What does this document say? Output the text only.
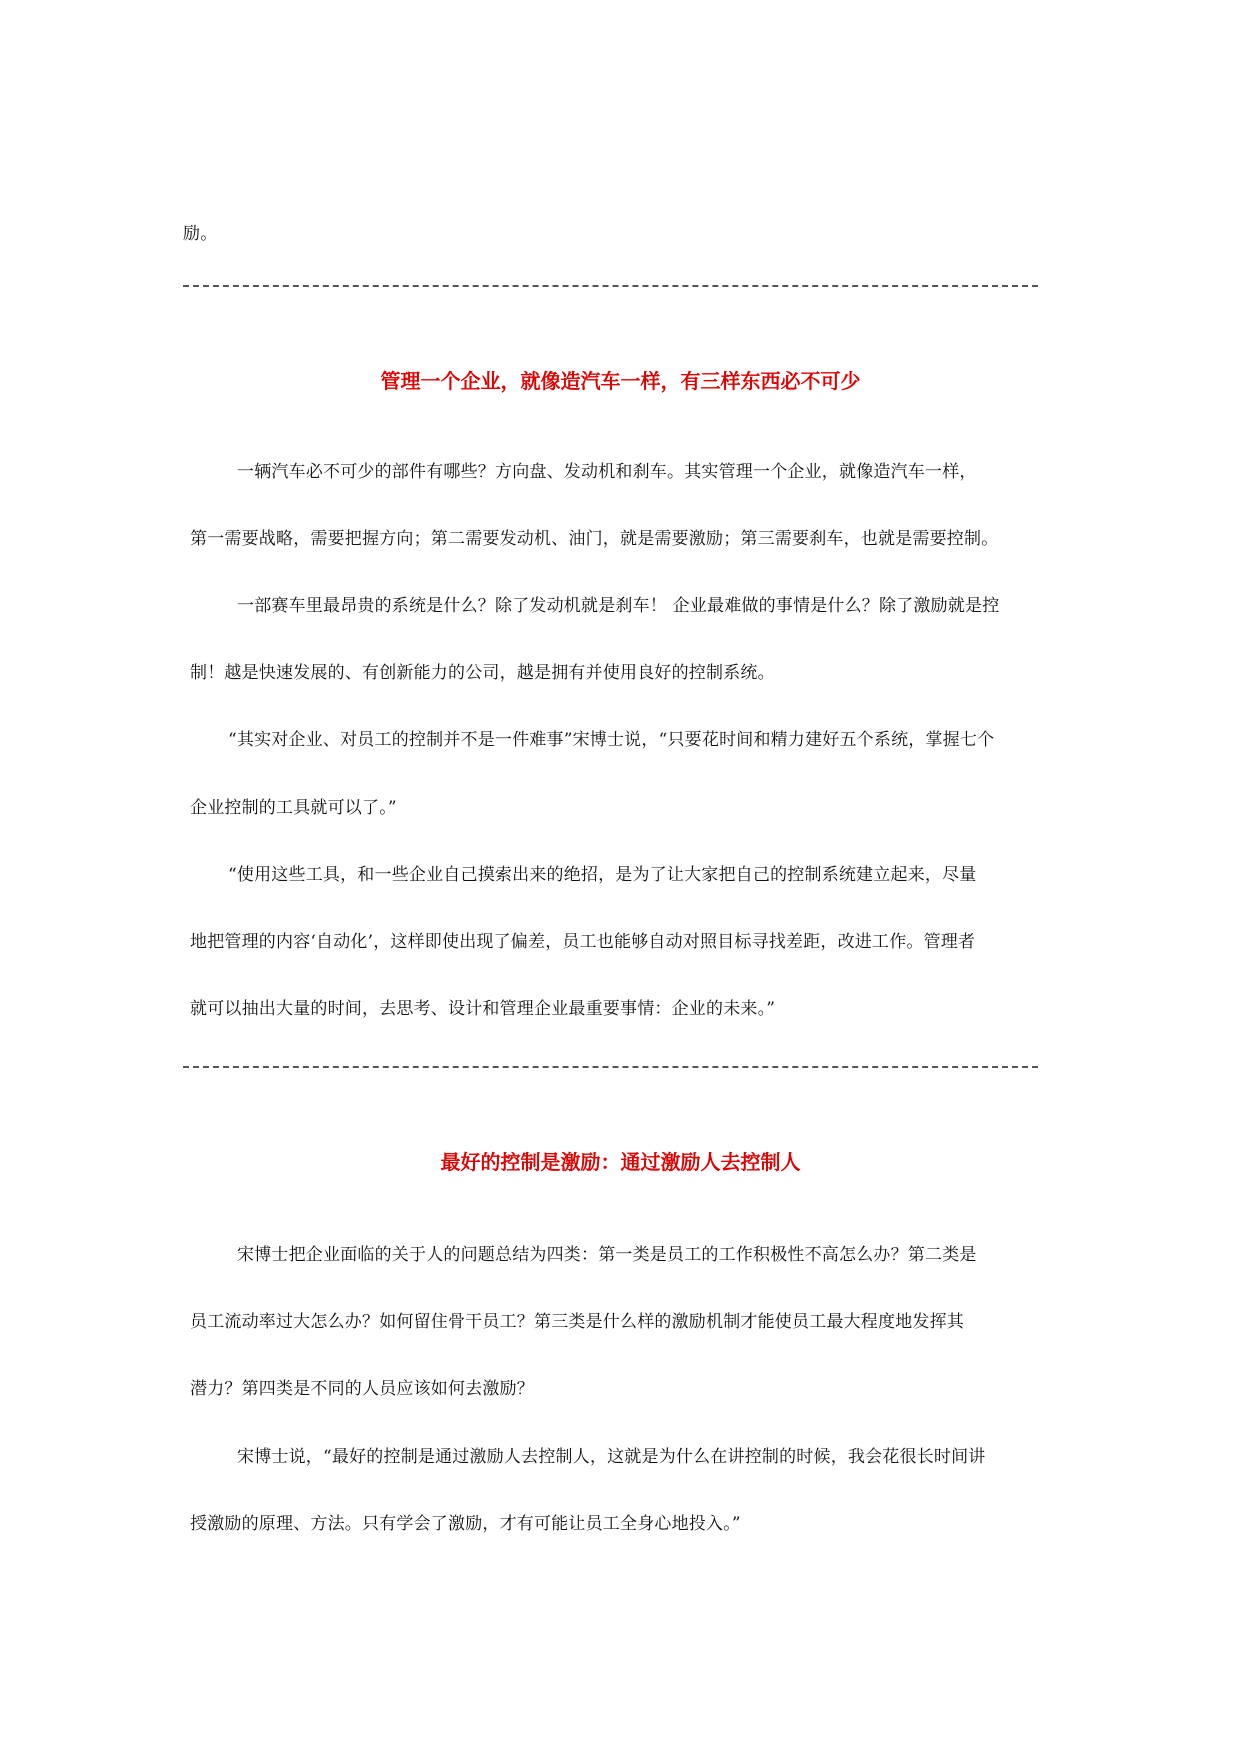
励。
管理一个企业，就像造汽车一样，有三样东西必不可少
一辆汽车必不可少的部件有哪些？方向盘、发动机和刹车。其实管理一个企业，就像造汽车一样，
第一需要战略，需要把握方向；第二需要发动机、油门，就是需要激励；第三需要刹车，也就是需要控制。
一部赛车里最昂贵的系统是什么？除了发动机就是刹车！ 企业最难做的事情是什么？除了激励就是控
制！越是快速发展的、有创新能力的公司，越是拥有并使用良好的控制系统。
“其实对企业、对员工的控制并不是一件难事”宋博士说，“只要花时间和精力建好五个系统，掌握七个
企业控制的工具就可以了。”
“使用这些工具，和一些企业自己摸索出来的绝招，是为了让大家把自己的控制系统建立起来，尽量
地把管理的内容‘自动化’，这样即使出现了偏差，员工也能够自动对照目标寻找差距，改进工作。管理者
就可以抽出大量的时间，去思考、设计和管理企业最重要事情：企业的未来。”
最好的控制是激励：通过激励人去控制人
宋博士把企业面临的关于人的问题总结为四类：第一类是员工的工作积极性不高怎么办？第二类是
员工流动率过大怎么办？如何留住骨干员工？第三类是什么样的激励机制才能使员工最大程度地发挥其
潜力？第四类是不同的人员应该如何去激励？
宋博士说，“最好的控制是通过激励人去控制人，这就是为什么在讲控制的时候，我会花很长时间讲
授激励的原理、方法。只有学会了激励，才有可能让员工全身心地投入。”
